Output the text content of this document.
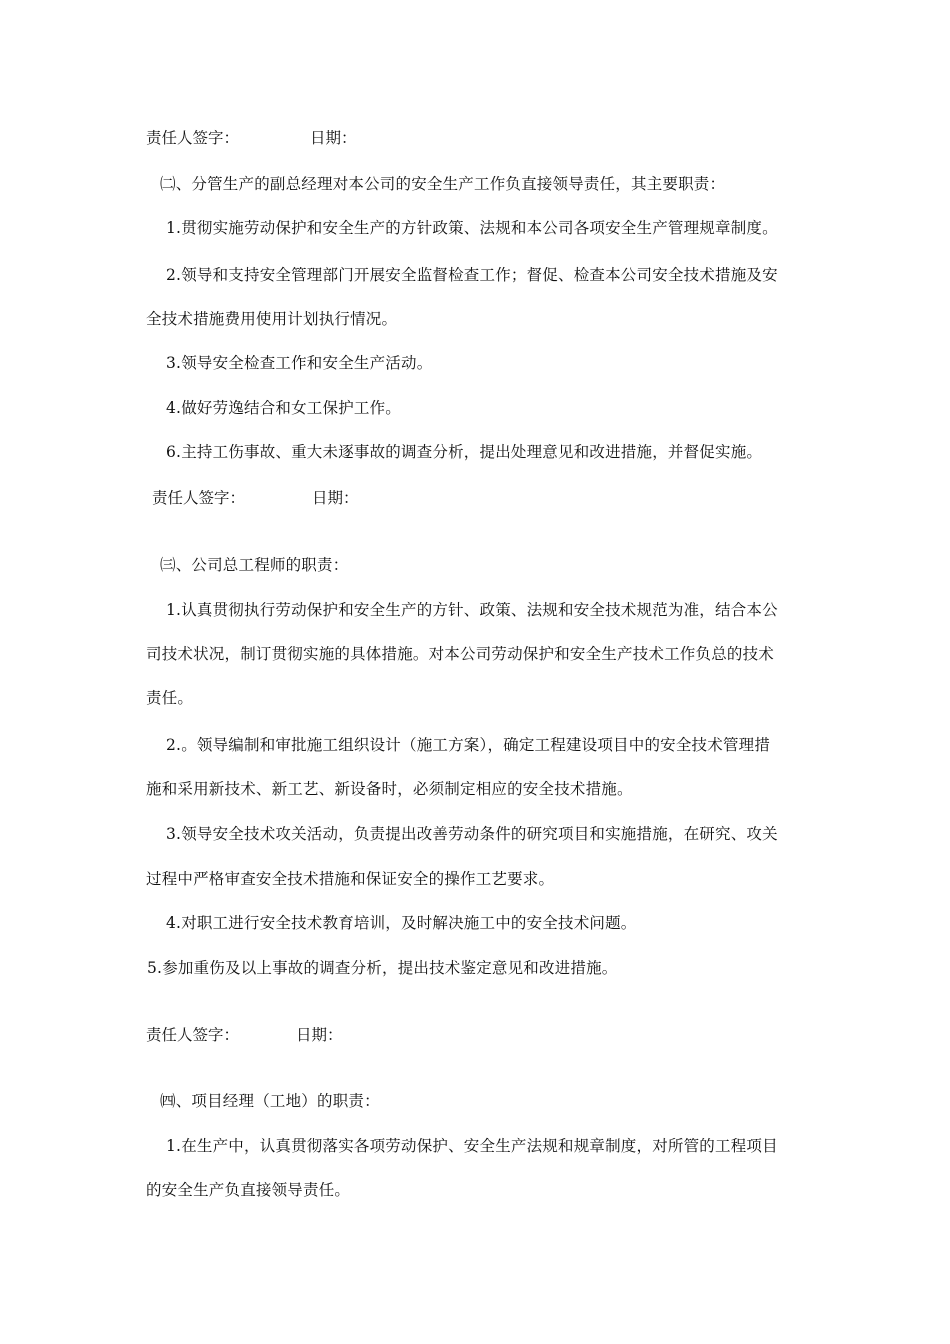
责任人签字：	日期：
㈡、分管生产的副总经理对本公司的安全生产工作负直接领导责任，其主要职责：
1.贯彻实施劳动保护和安全生产的方针政策、法规和本公司各项安全生产管理规章制度。
2.领导和支持安全管理部门开展安全监督检查工作；督促、检查本公司安全技术措施及安
全技术措施费用使用计划执行情况。
3.领导安全检查工作和安全生产活动。
4.做好劳逸结合和女工保护工作。
6.主持工伤事故、重大未逐事故的调查分析，提出处理意见和改进措施，并督促实施。
责任人签字：	日期：
㈢、公司总工程师的职责：
1.认真贯彻执行劳动保护和安全生产的方针、政策、法规和安全技术规范为准，结合本公
司技术状况，制订贯彻实施的具体措施。对本公司劳动保护和安全生产技术工作负总的技术
责任。
2.。领导编制和审批施工组织设计（施工方案），确定工程建设项目中的安全技术管理措
施和采用新技术、新工艺、新设备时，必须制定相应的安全技术措施。
3.领导安全技术攻关活动，负责提出改善劳动条件的研究项目和实施措施，在研究、攻关
过程中严格审查安全技术措施和保证安全的操作工艺要求。
4.对职工进行安全技术教育培训，及时解决施工中的安全技术问题。
5.参加重伤及以上事故的调查分析，提出技术鉴定意见和改进措施。
责任人签字：	日期：
㈣、项目经理（工地）的职责：
1.在生产中，认真贯彻落实各项劳动保护、安全生产法规和规章制度，对所管的工程项目
的安全生产负直接领导责任。
